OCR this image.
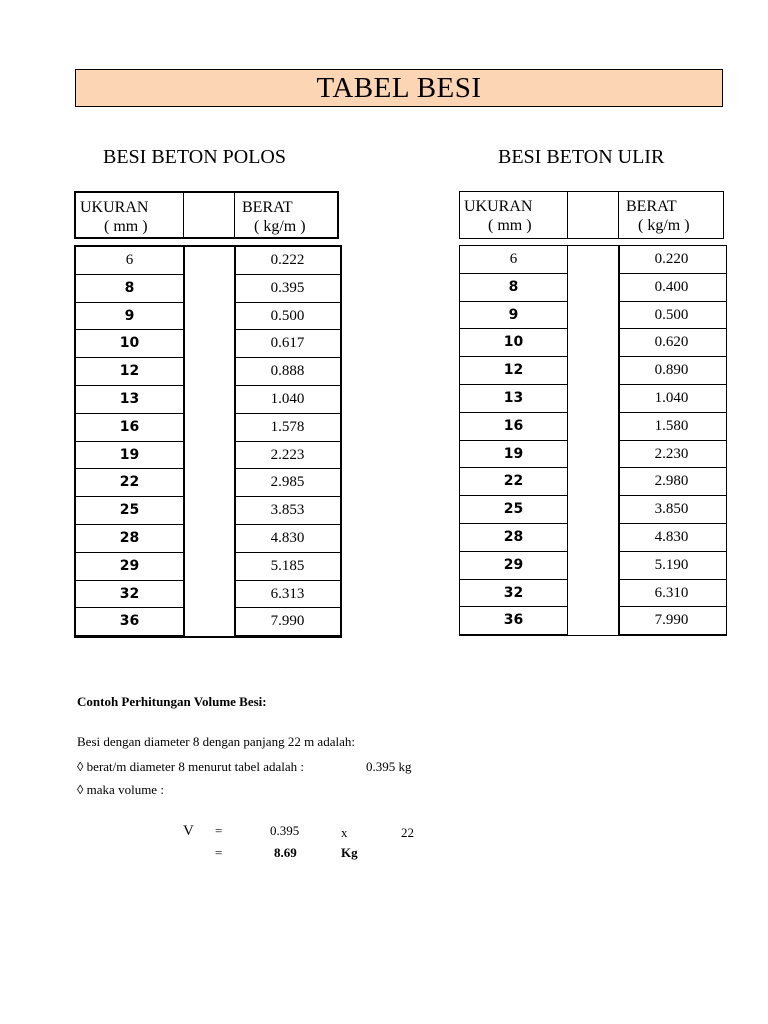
TABEL BESI
BESI BETON POLOS	BESI BETON ULIR
UKURAN
( mm )
BERAT
( kg/m )
UKURAN
( mm )
BERAT
( kg/m )
6	0.222
8	0.395
9	0.500
10	0.617
12	0.888
13	1.040
16	1.578
19	2.223
22	2.985
25	3.853
28	4.830
29	5.185
32	6.313
36	7.990
6	0.220
8	0.400
9	0.500
10	0.620
12	0.890
13	1.040
16	1.580
19	2.230
22	2.980
25	3.850
28	4.830
29	5.190
32	6.310
36	7.990
Contoh Perhitungan Volume Besi:
Besi dengan diameter 8 dengan panjang 22 m adalah:
◊ berat/m diameter 8 menurut tabel adalah :	0.395 kg
◊ maka volume :
V =	0.395	x	22
=	8.69	Kg
